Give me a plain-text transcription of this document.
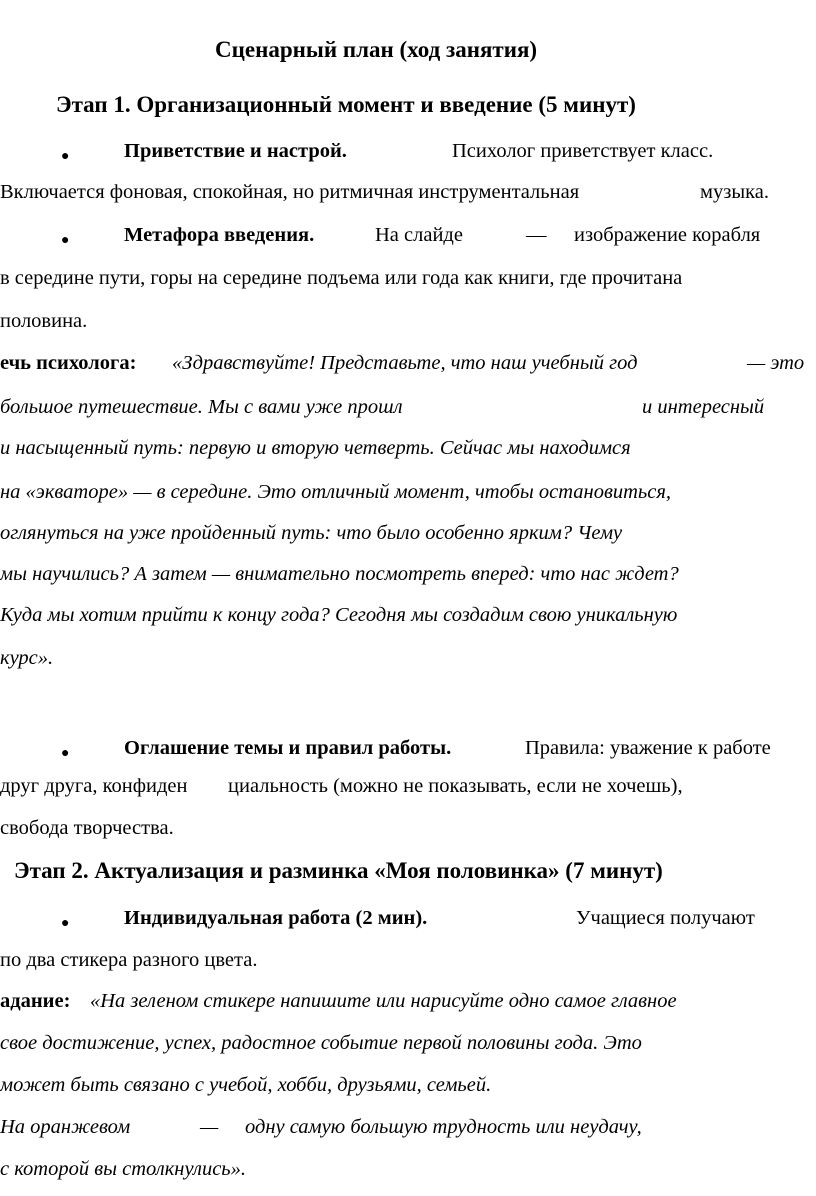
Сценарный план (ход занятия)
Этап 1. Организационный момент и введение (5 минут)
●	Приветствие и настрой.	Психолог приветствует класс.
Включается фоновая, спокойная, но ритмичная инструментальная	музыка.
●	Метафора введения.	На слайде	— изображение корабля
в середине пути, горы на середине подъема или года как книги, где прочитана
половина.
ечь психолога: «Здравствуйте! Представьте, что наш учебный год	— это
большое путешествие. Мы с вами уже прошл	и интересный
и насыщенный путь: первую и вторую четверть. Сейчас мы находимся
на «экваторе» — в середине. Это отличный момент, чтобы остановиться,
оглянуться на уже пройденный путь: что было особенно ярким? Чему
мы научились? А затем — внимательно посмотреть вперед: что нас ждет?
Куда мы хотим прийти к концу года? Сегодня мы создадим свою уникальную
курс».
●	Оглашение темы и правил работы.	Правила: уважение к работе
друг друга, конфиден циальность (можно не показывать, если не хочешь),
свобода творчества.
Этап 2. Актуализация и разминка «Моя половинка» (7 минут)
●	Индивидуальная работа (2 мин).	Учащиеся получают
по два стикера разного цвета.
адание: «На зеленом стикере напишите или нарисуйте одно самое главное
свое достижение, успех, радостное событие первой половины года. Это
может быть связано с учебой, хобби, друзьями, семьей.
На оранжевом	— одну самую большую трудность или неудачу,
с которой вы столкнулись».
